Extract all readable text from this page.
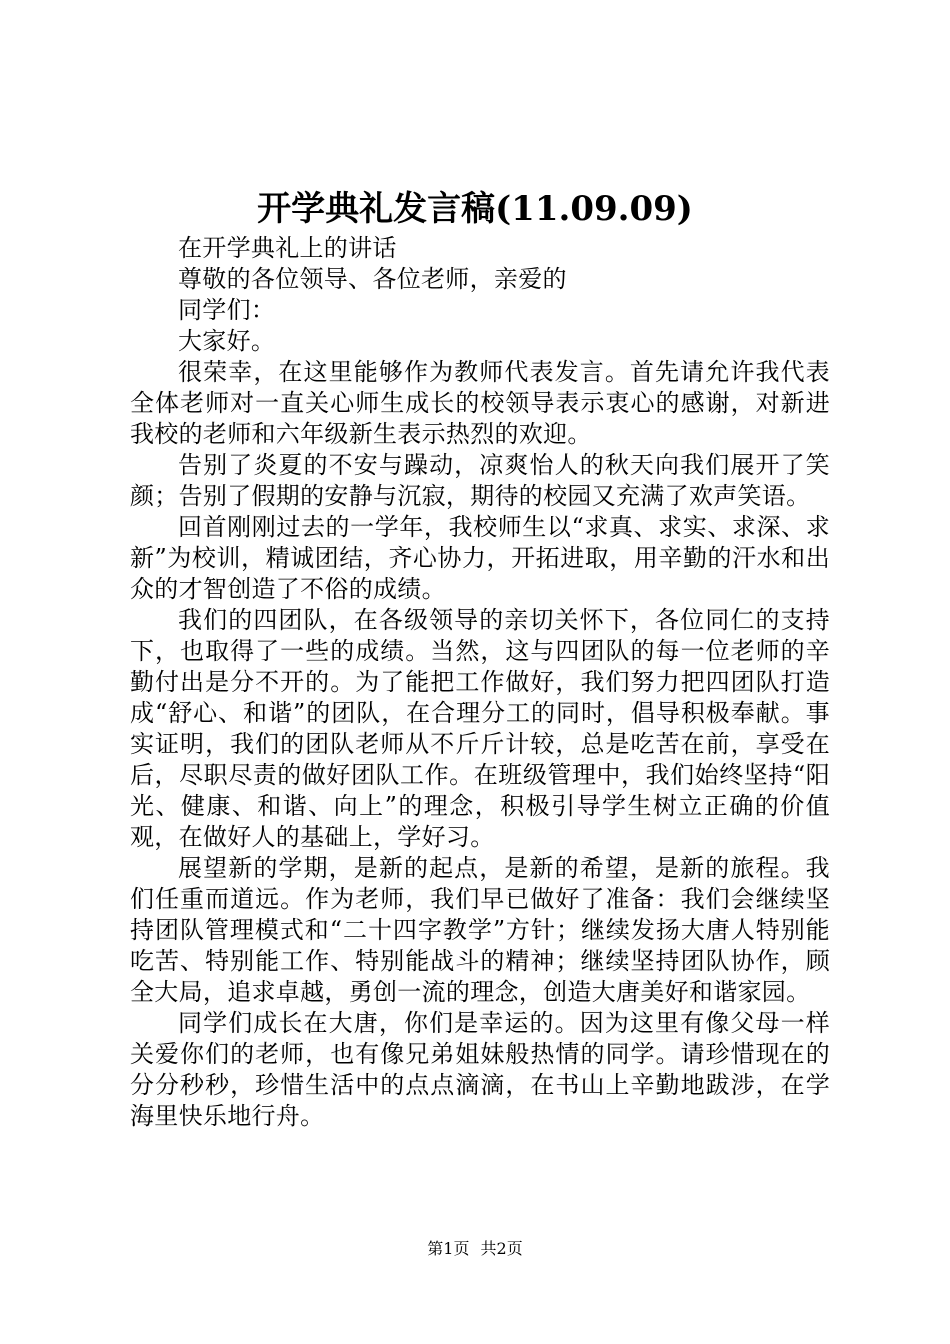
开学典礼发言稿(11.09.09)

在开学典礼上的讲话

尊敬的各位领导、各位老师，亲爱的

同学们：

大家好。

很荣幸，在这里能够作为教师代表发言。首先请允许我代表全体老师对一直关心师生成长的校领导表示衷心的感谢，对新进我校的老师和六年级新生表示热烈的欢迎。

告别了炎夏的不安与躁动，凉爽怡人的秋天向我们展开了笑颜；告别了假期的安静与沉寂，期待的校园又充满了欢声笑语。

回首刚刚过去的一学年，我校师生以“求真、求实、求深、求新”为校训，精诚团结，齐心协力，开拓进取，用辛勤的汗水和出众的才智创造了不俗的成绩。

我们的四团队，在各级领导的亲切关怀下，各位同仁的支持下，也取得了一些的成绩。当然，这与四团队的每一位老师的辛勤付出是分不开的。为了能把工作做好，我们努力把四团队打造成“舒心、和谐”的团队，在合理分工的同时，倡导积极奉献。事实证明，我们的团队老师从不斤斤计较，总是吃苦在前，享受在后，尽职尽责的做好团队工作。在班级管理中，我们始终坚持“阳光、健康、和谐、向上”的理念，积极引导学生树立正确的价值观，在做好人的基础上，学好习。

展望新的学期，是新的起点，是新的希望，是新的旅程。我们任重而道远。作为老师，我们早已做好了准备：我们会继续坚持团队管理模式和“二十四字教学”方针；继续发扬大唐人特别能吃苦、特别能工作、特别能战斗的精神；继续坚持团队协作，顾全大局，追求卓越，勇创一流的理念，创造大唐美好和谐家园。

同学们成长在大唐，你们是幸运的。因为这里有像父母一样关爱你们的老师，也有像兄弟姐妹般热情的同学。请珍惜现在的分分秒秒，珍惜生活中的点点滴滴，在书山上辛勤地跋涉，在学海里快乐地行舟。

第1页 共2页
